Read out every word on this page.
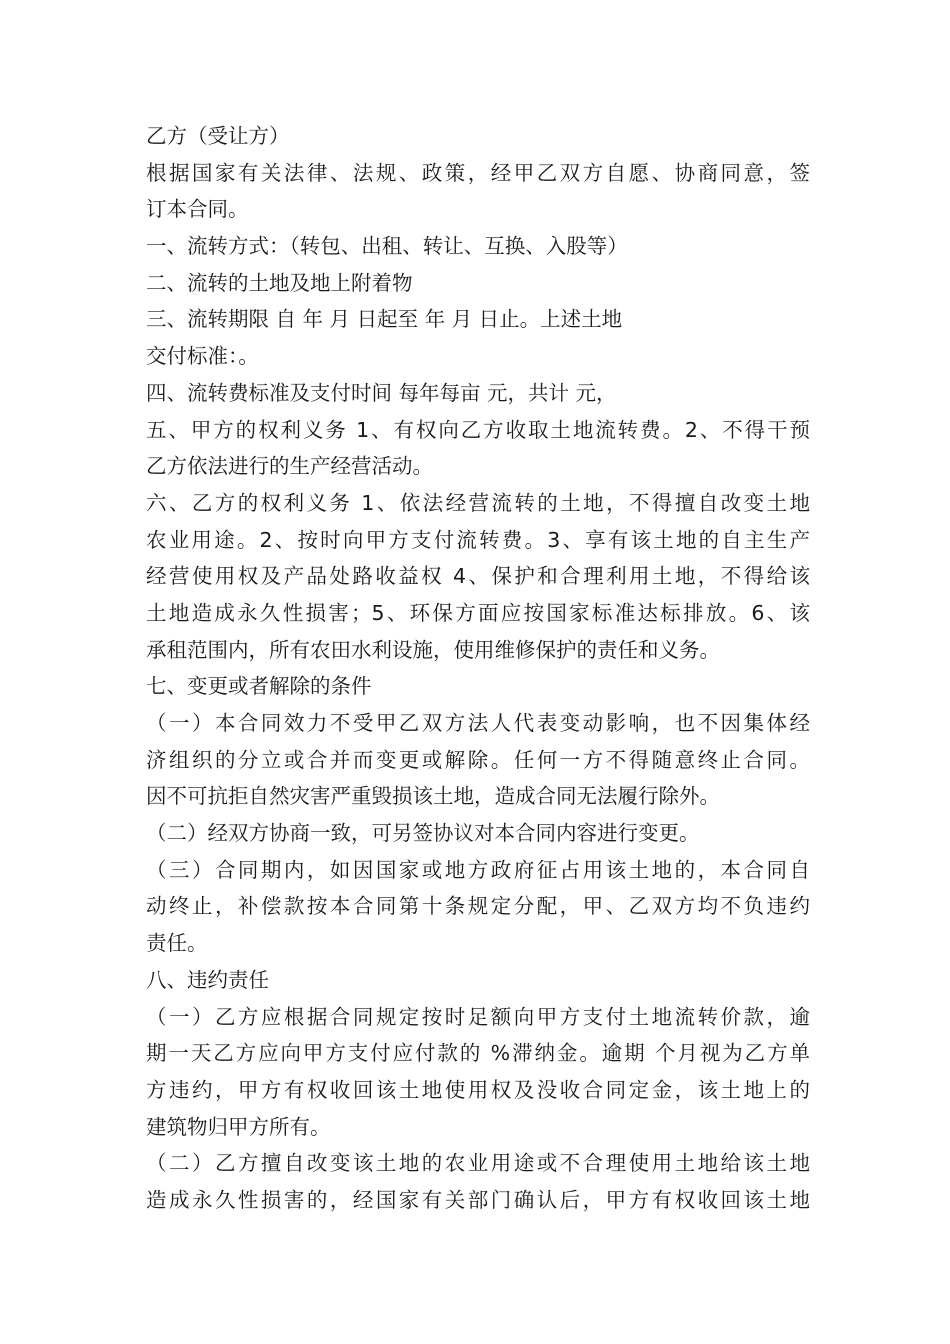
乙方（受让方）
根据国家有关法律、法规、政策，经甲乙双方自愿、协商同意，签
订本合同。
一、流转方式：（转包、出租、转让、互换、入股等）
二、流转的土地及地上附着物
三、流转期限 自 年 月 日起至 年 月 日止。上述土地
交付标准：。
四、流转费标准及支付时间 每年每亩 元，共计 元，
五、甲方的权利义务 1、有权向乙方收取土地流转费。2、不得干预
乙方依法进行的生产经营活动。
六、乙方的权利义务 1、依法经营流转的土地，不得擅自改变土地
农业用途。2、按时向甲方支付流转费。3、享有该土地的自主生产
经营使用权及产品处路收益权 4、保护和合理利用土地，不得给该
土地造成永久性损害；5、环保方面应按国家标准达标排放。6、该
承租范围内，所有农田水利设施，使用维修保护的责任和义务。
七、变更或者解除的条件
（一）本合同效力不受甲乙双方法人代表变动影响，也不因集体经
济组织的分立或合并而变更或解除。任何一方不得随意终止合同。
因不可抗拒自然灾害严重毁损该土地，造成合同无法履行除外。
（二）经双方协商一致，可另签协议对本合同内容进行变更。
（三）合同期内，如因国家或地方政府征占用该土地的，本合同自
动终止，补偿款按本合同第十条规定分配，甲、乙双方均不负违约
责任。
八、违约责任
（一）乙方应根据合同规定按时足额向甲方支付土地流转价款，逾
期一天乙方应向甲方支付应付款的 %滞纳金。逾期 个月视为乙方单
方违约，甲方有权收回该土地使用权及没收合同定金，该土地上的
建筑物归甲方所有。
（二）乙方擅自改变该土地的农业用途或不合理使用土地给该土地
造成永久性损害的，经国家有关部门确认后，甲方有权收回该土地
